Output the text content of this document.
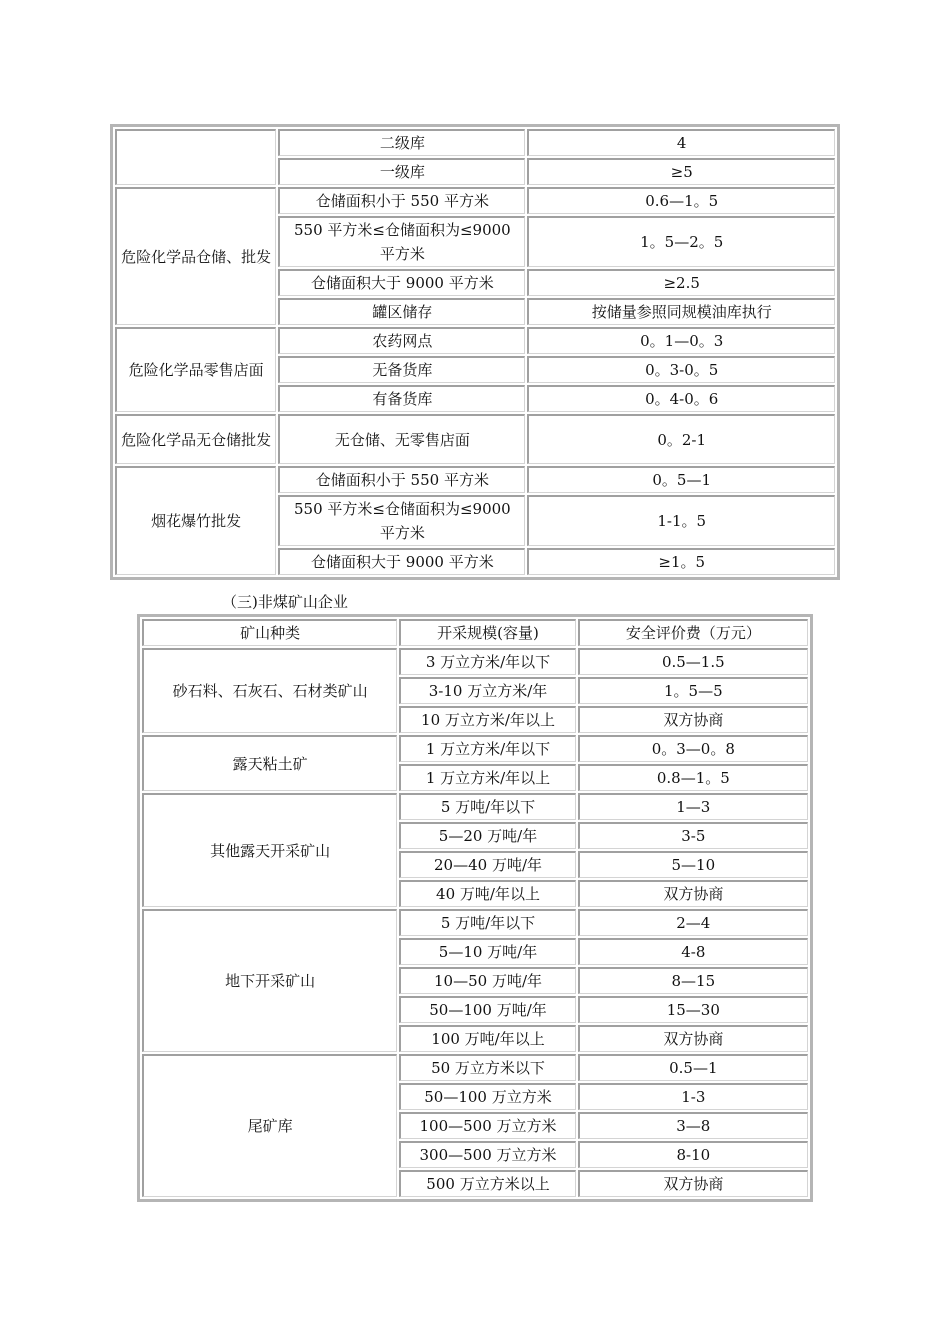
	二级库	4
	一级库	≥5
危险化学品仓储、批发	仓储面积小于 550 平方米	0.6—1。5
	550 平方米≤仓储面积为≤9000 平方米	1。5—2。5
	仓储面积大于 9000 平方米	≥2.5
	罐区储存	按储量参照同规模油库执行
危险化学品零售店面	农药网点	0。1—0。3
	无备货库	0。3-0。5
	有备货库	0。4-0。6
危险化学品无仓储批发	无仓储、无零售店面	0。2-1
烟花爆竹批发	仓储面积小于 550 平方米	0。5—1
	550 平方米≤仓储面积为≤9000 平方米	1-1。5
	仓储面积大于 9000 平方米	≥1。5
（三)非煤矿山企业
矿山种类	开采规模(容量)	安全评价费（万元）
砂石料、石灰石、石材类矿山	3 万立方米/年以下	0.5—1.5
	3-10 万立方米/年	1。5—5
	10 万立方米/年以上	双方协商
露天粘土矿	1 万立方米/年以下	0。3—0。8
	1 万立方米/年以上	0.8—1。5
其他露天开采矿山	5 万吨/年以下	1—3
	5—20 万吨/年	3-5
	20—40 万吨/年	5—10
	40 万吨/年以上	双方协商
地下开采矿山	5 万吨/年以下	2—4
	5—10 万吨/年	4-8
	10—50 万吨/年	8—15
	50—100 万吨/年	15—30
	100 万吨/年以上	双方协商
尾矿库	50 万立方米以下	0.5—1
	50—100 万立方米	1-3
	100—500 万立方米	3—8
	300—500 万立方米	8-10
	500 万立方米以上	双方协商
